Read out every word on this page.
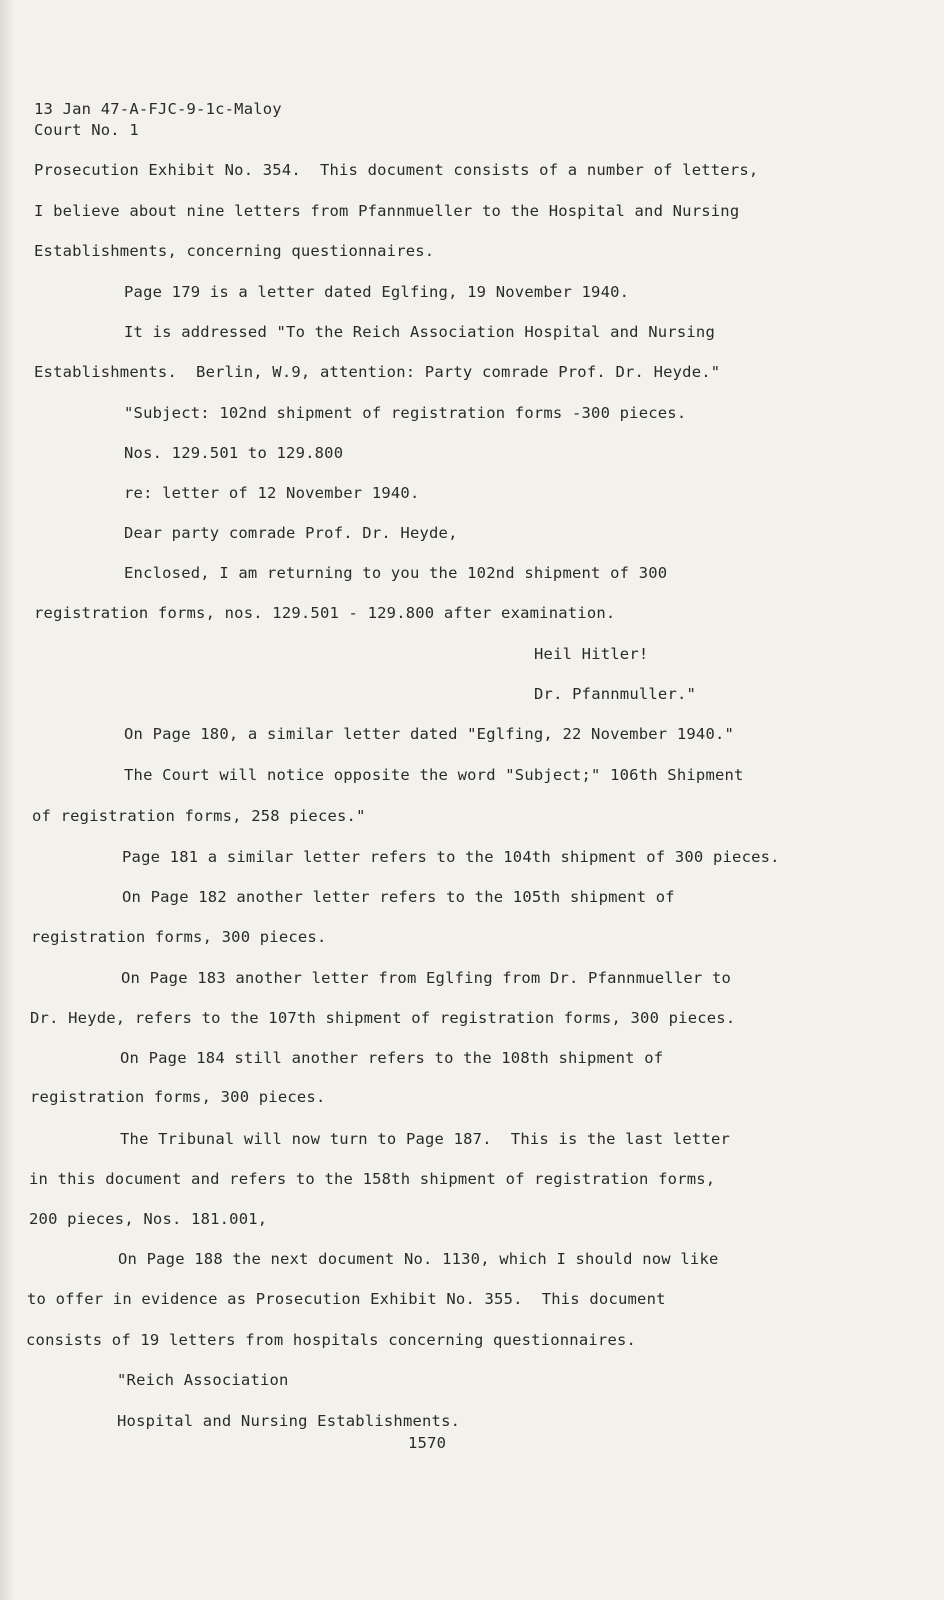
13 Jan 47-A-FJC-9-1c-Maloy
Court No. 1
Prosecution Exhibit No. 354.  This document consists of a number of letters,
I believe about nine letters from Pfannmueller to the Hospital and Nursing
Establishments, concerning questionnaires.
Page 179 is a letter dated Eglfing, 19 November 1940.
It is addressed "To the Reich Association Hospital and Nursing
Establishments.  Berlin, W.9, attention: Party comrade Prof. Dr. Heyde."
"Subject: 102nd shipment of registration forms -300 pieces.
Nos. 129.501 to 129.800
re: letter of 12 November 1940.
Dear party comrade Prof. Dr. Heyde,
Enclosed, I am returning to you the 102nd shipment of 300
registration forms, nos. 129.501 - 129.800 after examination.
Heil Hitler!
Dr. Pfannmuller."
On Page 180, a similar letter dated "Eglfing, 22 November 1940."
The Court will notice opposite the word "Subject;" 106th Shipment
of registration forms, 258 pieces."
Page 181 a similar letter refers to the 104th shipment of 300 pieces.
On Page 182 another letter refers to the 105th shipment of
registration forms, 300 pieces.
On Page 183 another letter from Eglfing from Dr. Pfannmueller to
Dr. Heyde, refers to the 107th shipment of registration forms, 300 pieces.
On Page 184 still another refers to the 108th shipment of
registration forms, 300 pieces.
The Tribunal will now turn to Page 187.  This is the last letter
in this document and refers to the 158th shipment of registration forms,
200 pieces, Nos. 181.001,
On Page 188 the next document No. 1130, which I should now like
to offer in evidence as Prosecution Exhibit No. 355.  This document
consists of 19 letters from hospitals concerning questionnaires.
"Reich Association
Hospital and Nursing Establishments.
1570
